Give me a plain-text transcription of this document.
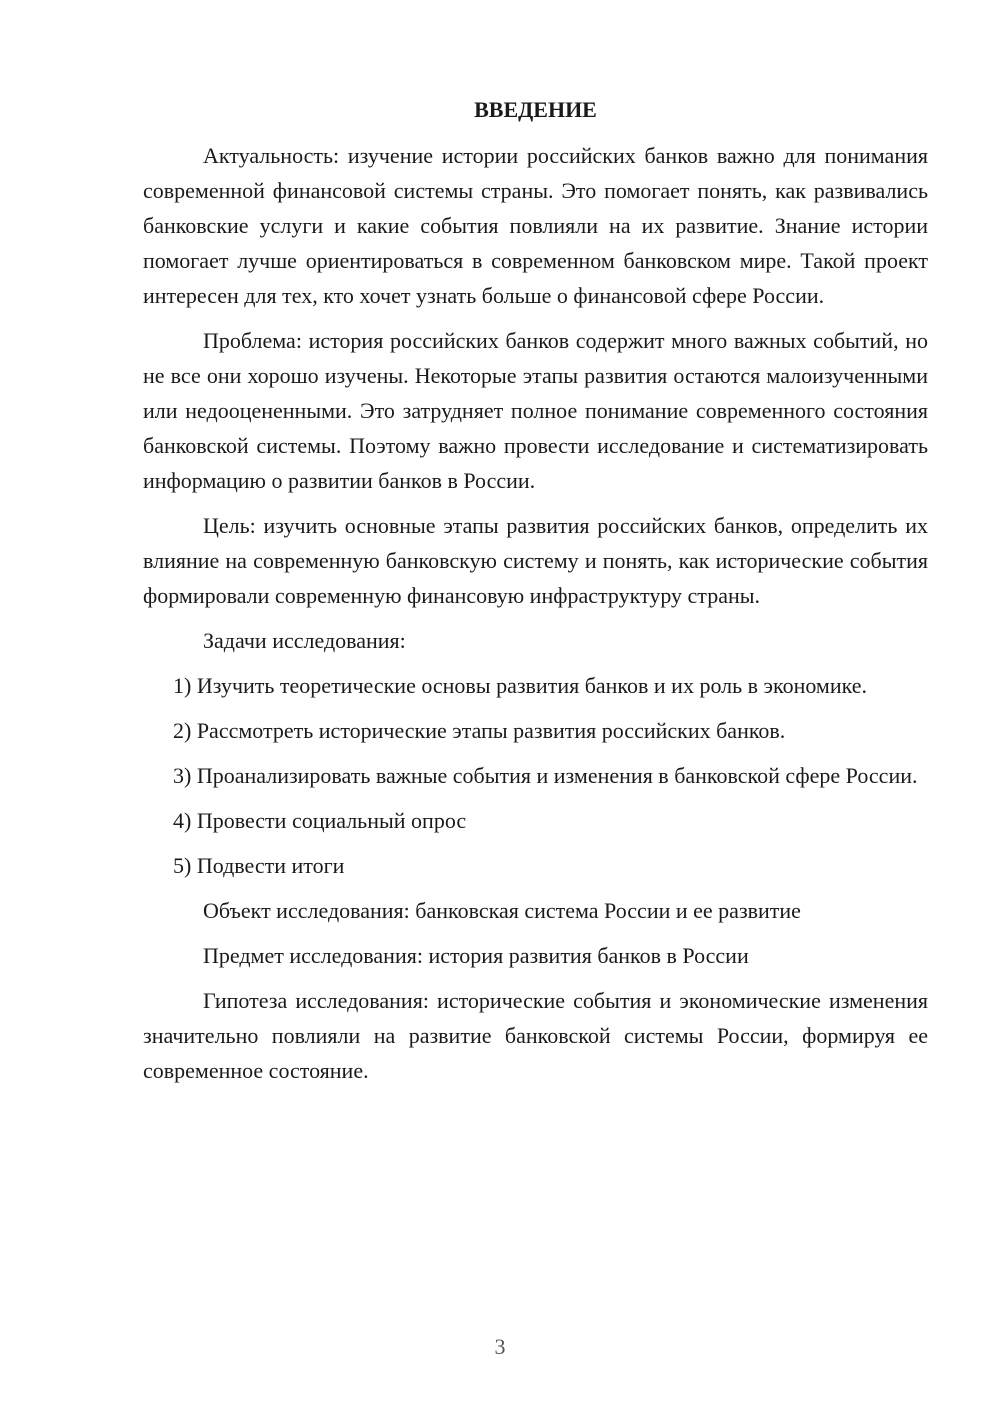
ВВЕДЕНИЕ
Актуальность: изучение истории российских банков важно для понимания современной финансовой системы страны. Это помогает понять, как развивались банковские услуги и какие события повлияли на их развитие. Знание истории помогает лучше ориентироваться в современном банковском мире. Такой проект интересен для тех, кто хочет узнать больше о финансовой сфере России.
Проблема: история российских банков содержит много важных событий, но не все они хорошо изучены. Некоторые этапы развития остаются малоизученными или недооцененными. Это затрудняет полное понимание современного состояния банковской системы. Поэтому важно провести исследование и систематизировать информацию о развитии банков в России.
Цель: изучить основные этапы развития российских банков, определить их влияние на современную банковскую систему и понять, как исторические события формировали современную финансовую инфраструктуру страны.
Задачи исследования:
1) Изучить теоретические основы развития банков и их роль в экономике.
2) Рассмотреть исторические этапы развития российских банков.
3) Проанализировать важные события и изменения в банковской сфере России.
4) Провести социальный опрос
5) Подвести итоги
Объект исследования: банковская система России и ее развитие
Предмет исследования: история развития банков в России
Гипотеза исследования: исторические события и экономические изменения значительно повлияли на развитие банковской системы России, формируя ее современное состояние.
3
